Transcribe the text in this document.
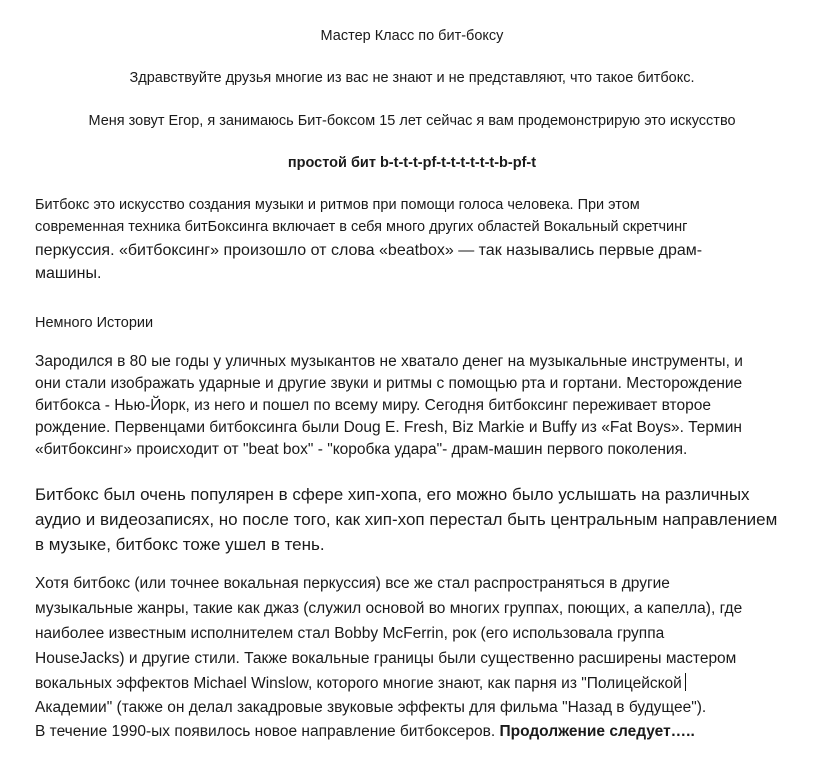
Мастер Класс по бит-боксу

Здравствуйте друзья многие из вас не знают и не представляют, что такое битбокс.

Меня зовут Егор, я занимаюсь Бит-боксом 15 лет сейчас я вам продемонстрирую это искусство

простой бит b-t-t-t-pf-t-t-t-t-t-t-b-pf-t

Битбокс это искусство создания музыки и ритмов при помощи голоса человека. При этом
современная техника битБоксинга включает в себя много других областей Вокальный скретчинг
перкуссия. «битбоксинг» произошло от слова «beatbox» — так назывались первые драм-
машины.

Немного Истории

Зародился в 80 ые годы у уличных музыкантов не хватало денег на музыкальные инструменты, и
они стали изображать ударные и другие звуки и ритмы с помощью рта и гортани. Месторождение
битбокса - Нью-Йорк, из него и пошел по всему миру. Сегодня битбоксинг переживает второе
рождение. Первенцами битбоксинга были Doug E. Fresh, Biz Markie и Buffy из «Fat Boys». Термин
«битбоксинг» происходит от "beat box" - "коробка удара"- драм-машин первого поколения.
Битбокс был очень популярен в сфере хип-хопа, его можно было услышать на различных
аудио и видеозаписях, но после того, как хип-хоп перестал быть центральным направлением
в музыке, битбокс тоже ушел в тень.
Хотя битбокс (или точнее вокальная перкуссия) все же стал распространяться в другие
музыкальные жанры, такие как джаз (служил основой во многих группах, поющих, а капелла), где
наиболее известным исполнителем стал Bobby McFerrin, рок (его использовала группа
HouseJacks) и другие стили. Также вокальные границы были существенно расширены мастером
вокальных эффектов Michael Winslow, которого многие знают, как парня из "Полицейской
Академии" (также он делал закадровые звуковые эффекты для фильма "Назад в будущее").
В течение 1990-ых появилось новое направление битбоксеров. Продолжение следует…..
